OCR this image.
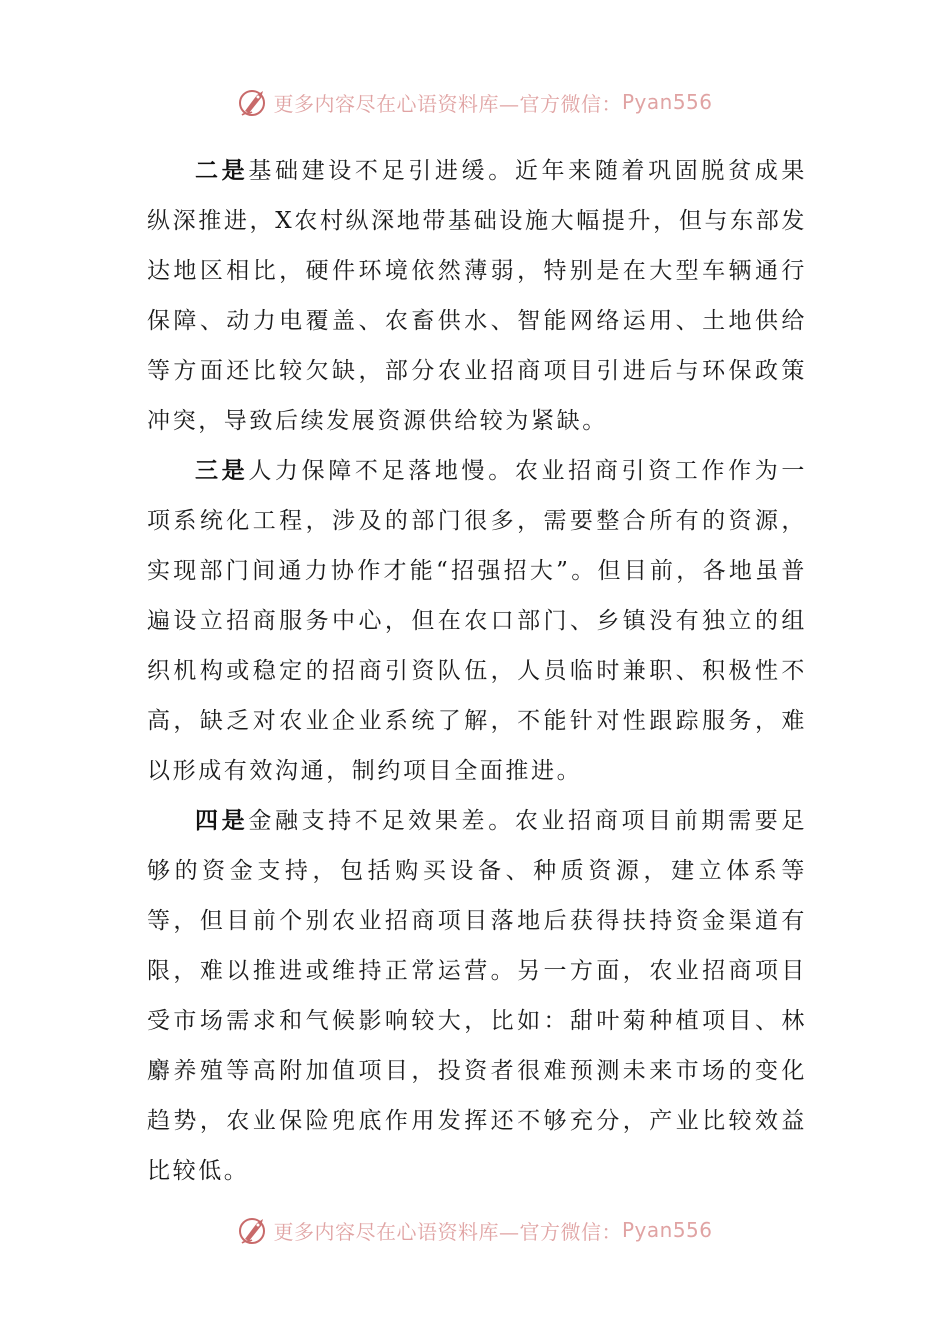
更多内容尽在心语资料库—官方微信： Pyan556

二是基础建设不足引进缓。近年来随着巩固脱贫成果纵深推进，X农村纵深地带基础设施大幅提升，但与东部发达地区相比，硬件环境依然薄弱，特别是在大型车辆通行保障、动力电覆盖、农畜供水、智能网络运用、土地供给等方面还比较欠缺，部分农业招商项目引进后与环保政策冲突，导致后续发展资源供给较为紧缺。

三是人力保障不足落地慢。农业招商引资工作作为一项系统化工程，涉及的部门很多，需要整合所有的资源，实现部门间通力协作才能“招强招大”。但目前，各地虽普遍设立招商服务中心，但在农口部门、乡镇没有独立的组织机构或稳定的招商引资队伍，人员临时兼职、积极性不高，缺乏对农业企业系统了解，不能针对性跟踪服务，难以形成有效沟通，制约项目全面推进。

四是金融支持不足效果差。农业招商项目前期需要足够的资金支持，包括购买设备、种质资源，建立体系等等，但目前个别农业招商项目落地后获得扶持资金渠道有限，难以推进或维持正常运营。另一方面，农业招商项目受市场需求和气候影响较大，比如：甜叶菊种植项目、林麝养殖等高附加值项目，投资者很难预测未来市场的变化趋势，农业保险兜底作用发挥还不够充分，产业比较效益比较低。

更多内容尽在心语资料库—官方微信： Pyan556
